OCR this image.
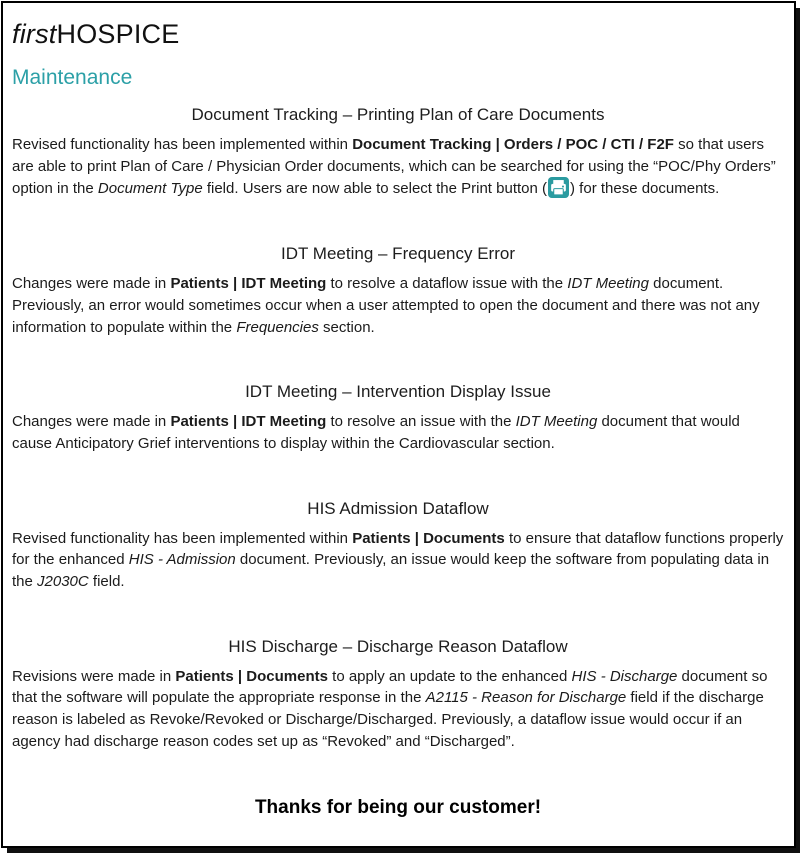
firstHOSPICE
Maintenance
Document Tracking – Printing Plan of Care Documents

Revised functionality has been implemented within Document Tracking | Orders / POC / CTI / F2F so that users are able to print Plan of Care / Physician Order documents, which can be searched for using the “POC/Phy Orders” option in the Document Type field. Users are now able to select the Print button ( ) for these documents.

IDT Meeting – Frequency Error

Changes were made in Patients | IDT Meeting to resolve a dataflow issue with the IDT Meeting document. Previously, an error would sometimes occur when a user attempted to open the document and there was not any information to populate within the Frequencies section.

IDT Meeting – Intervention Display Issue

Changes were made in Patients | IDT Meeting to resolve an issue with the IDT Meeting document that would cause Anticipatory Grief interventions to display within the Cardiovascular section.

HIS Admission Dataflow

Revised functionality has been implemented within Patients | Documents to ensure that dataflow functions properly for the enhanced HIS - Admission document. Previously, an issue would keep the software from populating data in the J2030C field.

HIS Discharge – Discharge Reason Dataflow

Revisions were made in Patients | Documents to apply an update to the enhanced HIS - Discharge document so that the software will populate the appropriate response in the A2115 - Reason for Discharge field if the discharge reason is labeled as Revoke/Revoked or Discharge/Discharged. Previously, a dataflow issue would occur if an agency had discharge reason codes set up as “Revoked” and “Discharged”.

Thanks for being our customer!
